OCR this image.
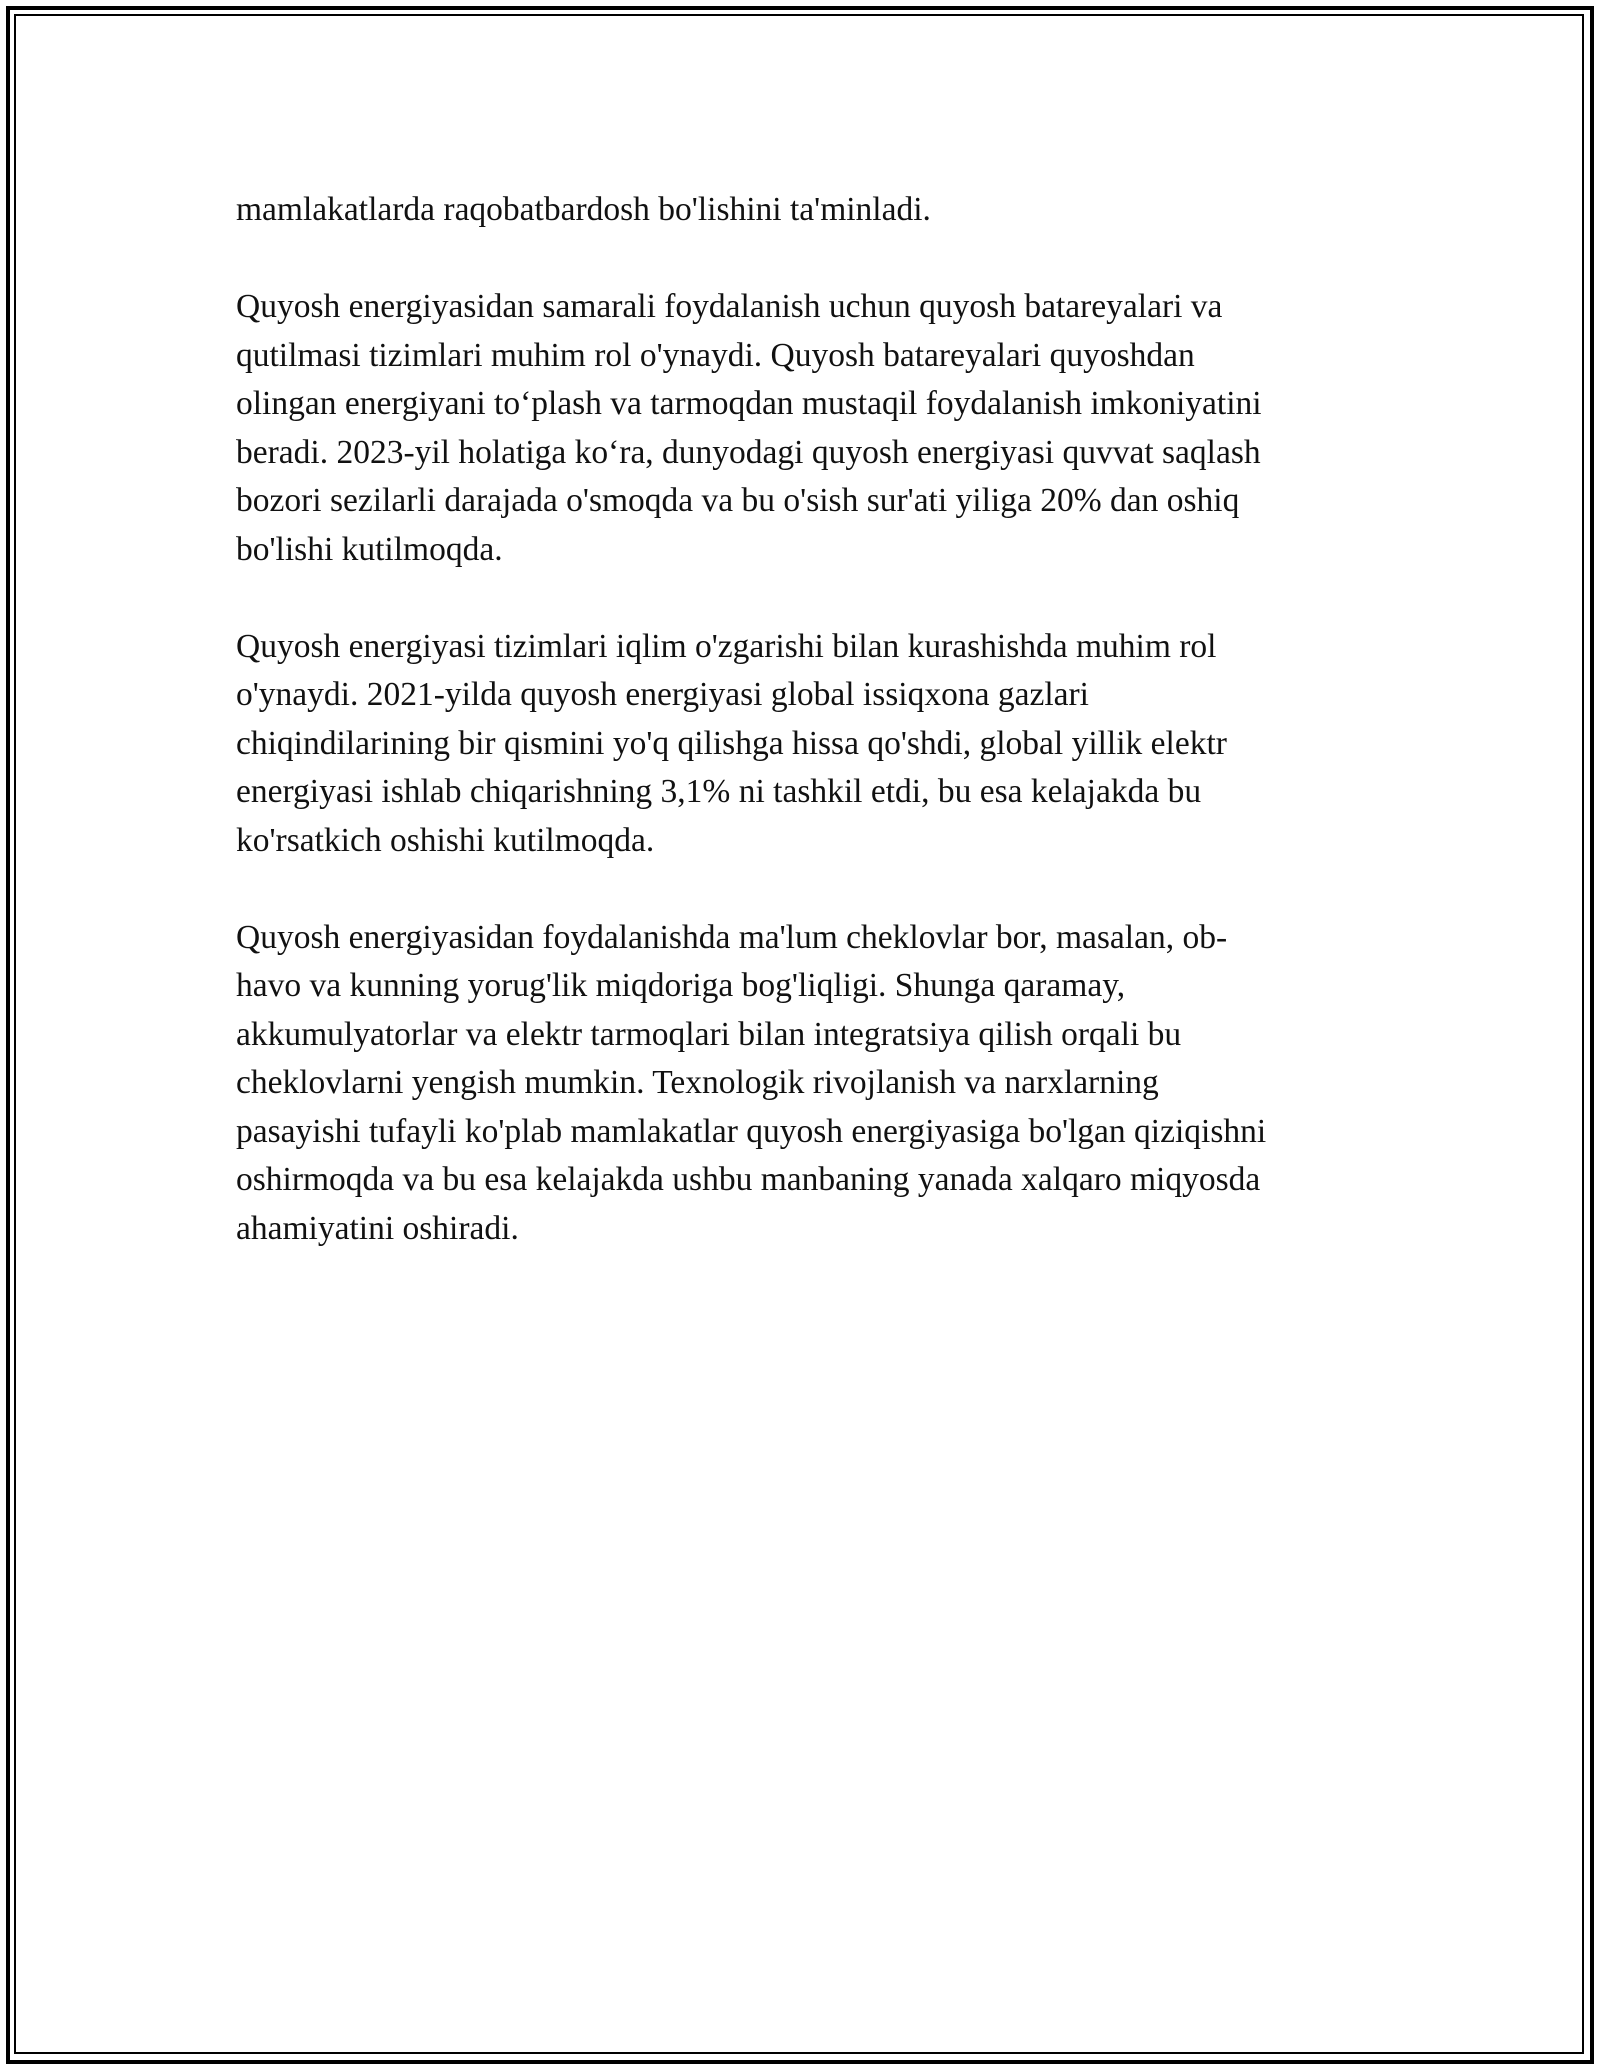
mamlakatlarda raqobatbardosh bo'lishini ta'minladi.

Quyosh energiyasidan samarali foydalanish uchun quyosh batareyalari va
qutilmasi tizimlari muhim rol o'ynaydi. Quyosh batareyalari quyoshdan
olingan energiyani to‘plash va tarmoqdan mustaqil foydalanish imkoniyatini
beradi. 2023-yil holatiga ko‘ra, dunyodagi quyosh energiyasi quvvat saqlash
bozori sezilarli darajada o'smoqda va bu o'sish sur'ati yiliga 20% dan oshiq
bo'lishi kutilmoqda.

Quyosh energiyasi tizimlari iqlim o'zgarishi bilan kurashishda muhim rol
o'ynaydi. 2021-yilda quyosh energiyasi global issiqxona gazlari
chiqindilarining bir qismini yo'q qilishga hissa qo'shdi, global yillik elektr
energiyasi ishlab chiqarishning 3,1% ni tashkil etdi, bu esa kelajakda bu
ko'rsatkich oshishi kutilmoqda.

Quyosh energiyasidan foydalanishda ma'lum cheklovlar bor, masalan, ob-
havo va kunning yorug'lik miqdoriga bog'liqligi. Shunga qaramay,
akkumulyatorlar va elektr tarmoqlari bilan integratsiya qilish orqali bu
cheklovlarni yengish mumkin. Texnologik rivojlanish va narxlarning
pasayishi tufayli ko'plab mamlakatlar quyosh energiyasiga bo'lgan qiziqishni
oshirmoqda va bu esa kelajakda ushbu manbaning yanada xalqaro miqyosda
ahamiyatini oshiradi.
